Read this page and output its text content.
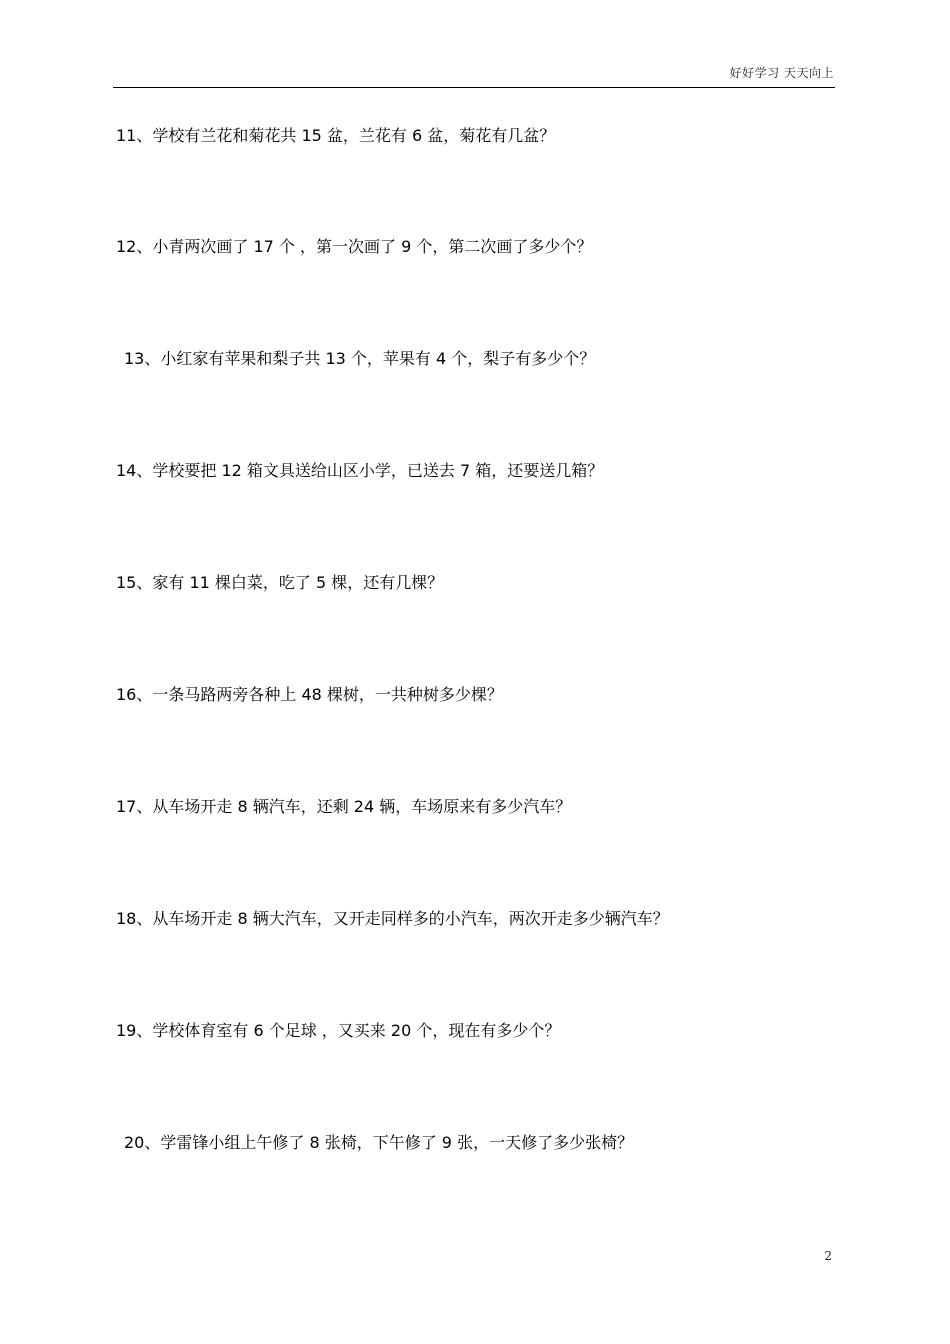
好好学习 天天向上
11、学校有兰花和菊花共 15 盆，兰花有 6 盆，菊花有几盆？
12、小青两次画了 17 个 ，第一次画了 9 个，第二次画了多少个？
13、小红家有苹果和梨子共 13 个，苹果有 4 个，梨子有多少个？
14、学校要把 12 箱文具送给山区小学，已送去 7 箱，还要送几箱？
15、家有 11 棵白菜，吃了 5 棵，还有几棵？
16、一条马路两旁各种上 48 棵树，一共种树多少棵？
17、从车场开走 8 辆汽车，还剩 24 辆，车场原来有多少汽车？
18、从车场开走 8 辆大汽车，又开走同样多的小汽车，两次开走多少辆汽车？
19、学校体育室有 6 个足球 ，又买来 20 个，现在有多少个？
20、学雷锋小组上午修了 8 张椅，下午修了 9 张，一天修了多少张椅？
2
